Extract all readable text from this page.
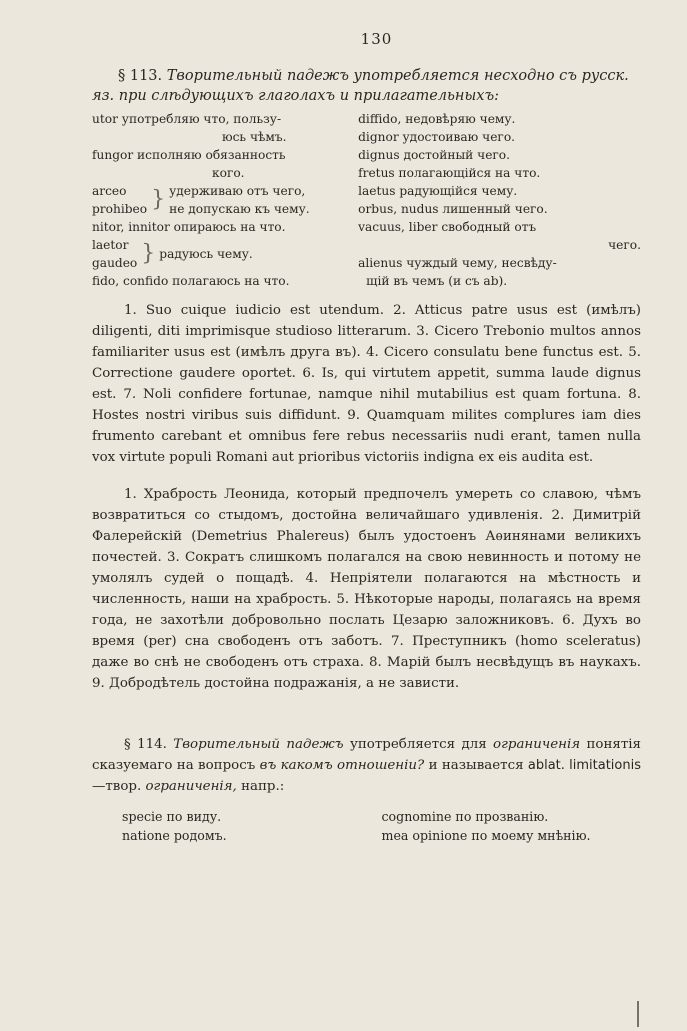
130

§ 113. Творительный падежъ употребляется несходно съ русск. яз. при слѣдующихъ глаголахъ и прилагательныхъ:

utor употребляю что, пользу-
юсь чѣмъ.
fungor исполняю обязанность
кого.
arceo
prohibeo } удерживаю отъ чего,
не допускаю къ чему.
nitor, innitor опираюсь на что.
laetor
gaudeo } радуюсь чему.
fido, confido полагаюсь на что.
diffido, недовѣряю чему.
dignor удостоиваю чего.
dignus достойный чего.
fretus полагающійся на что.
laetus радующійся чему.
orbus, nudus лишенный чего.
vacuus, liber свободный отъ
чего.
alienus чуждый чему, несвѣду-
щій въ чемъ (и съ ab).

1. Suo cuique iudicio est utendum. 2. Atticus patre usus est (имѣлъ) diligenti, diti imprimisque studioso litterarum. 3. Cicero Trebonio multos annos familiariter usus est (имѣлъ друга въ). 4. Cicero consulatu bene functus est. 5. Correctione gaudere oportet. 6. Is, qui virtutem appetit, summa laude dignus est. 7. Noli confidere fortunae, namque nihil mutabilius est quam fortuna. 8. Hostes nostri viribus suis diffidunt. 9. Quamquam milites complures iam dies frumento carebant et omnibus fere rebus necessariis nudi erant, tamen nulla vox virtute populi Romani aut prioribus victoriis indigna ex eis audita est.

1. Храбрость Леонида, который предпочелъ умереть со славою, чѣмъ возвратиться со стыдомъ, достойна величайшаго удивленія. 2. Димитрій Фалерейскій (Demetrius Phalereus) былъ удостоенъ Аѳинянами великихъ почестей. 3. Сократъ слишкомъ полагался на свою невинность и потому не умолялъ судей о пощадѣ. 4. Непріятели полагаются на мѣстность и численность, наши на храбрость. 5. Нѣкоторые народы, полагаясь на время года, не захотѣли добровольно послать Цезарю заложниковъ. 6. Духъ во время (per) сна свободенъ отъ заботъ. 7. Преступникъ (homo sceleratus) даже во снѣ не свободенъ отъ страха. 8. Марій былъ несвѣдущъ въ наукахъ. 9. Добродѣтель достойна подражанія, а не зависти.

§ 114. Творительный падежъ употребляется для ограниченія понятія сказуемаго на вопросъ въ какомъ отношеніи? и называется ablat. limitationis—твор. ограниченія, напр.:

specie по виду.
natione родомъ.
cognomine по прозванію.
mea opinione по моему мнѣнію.
